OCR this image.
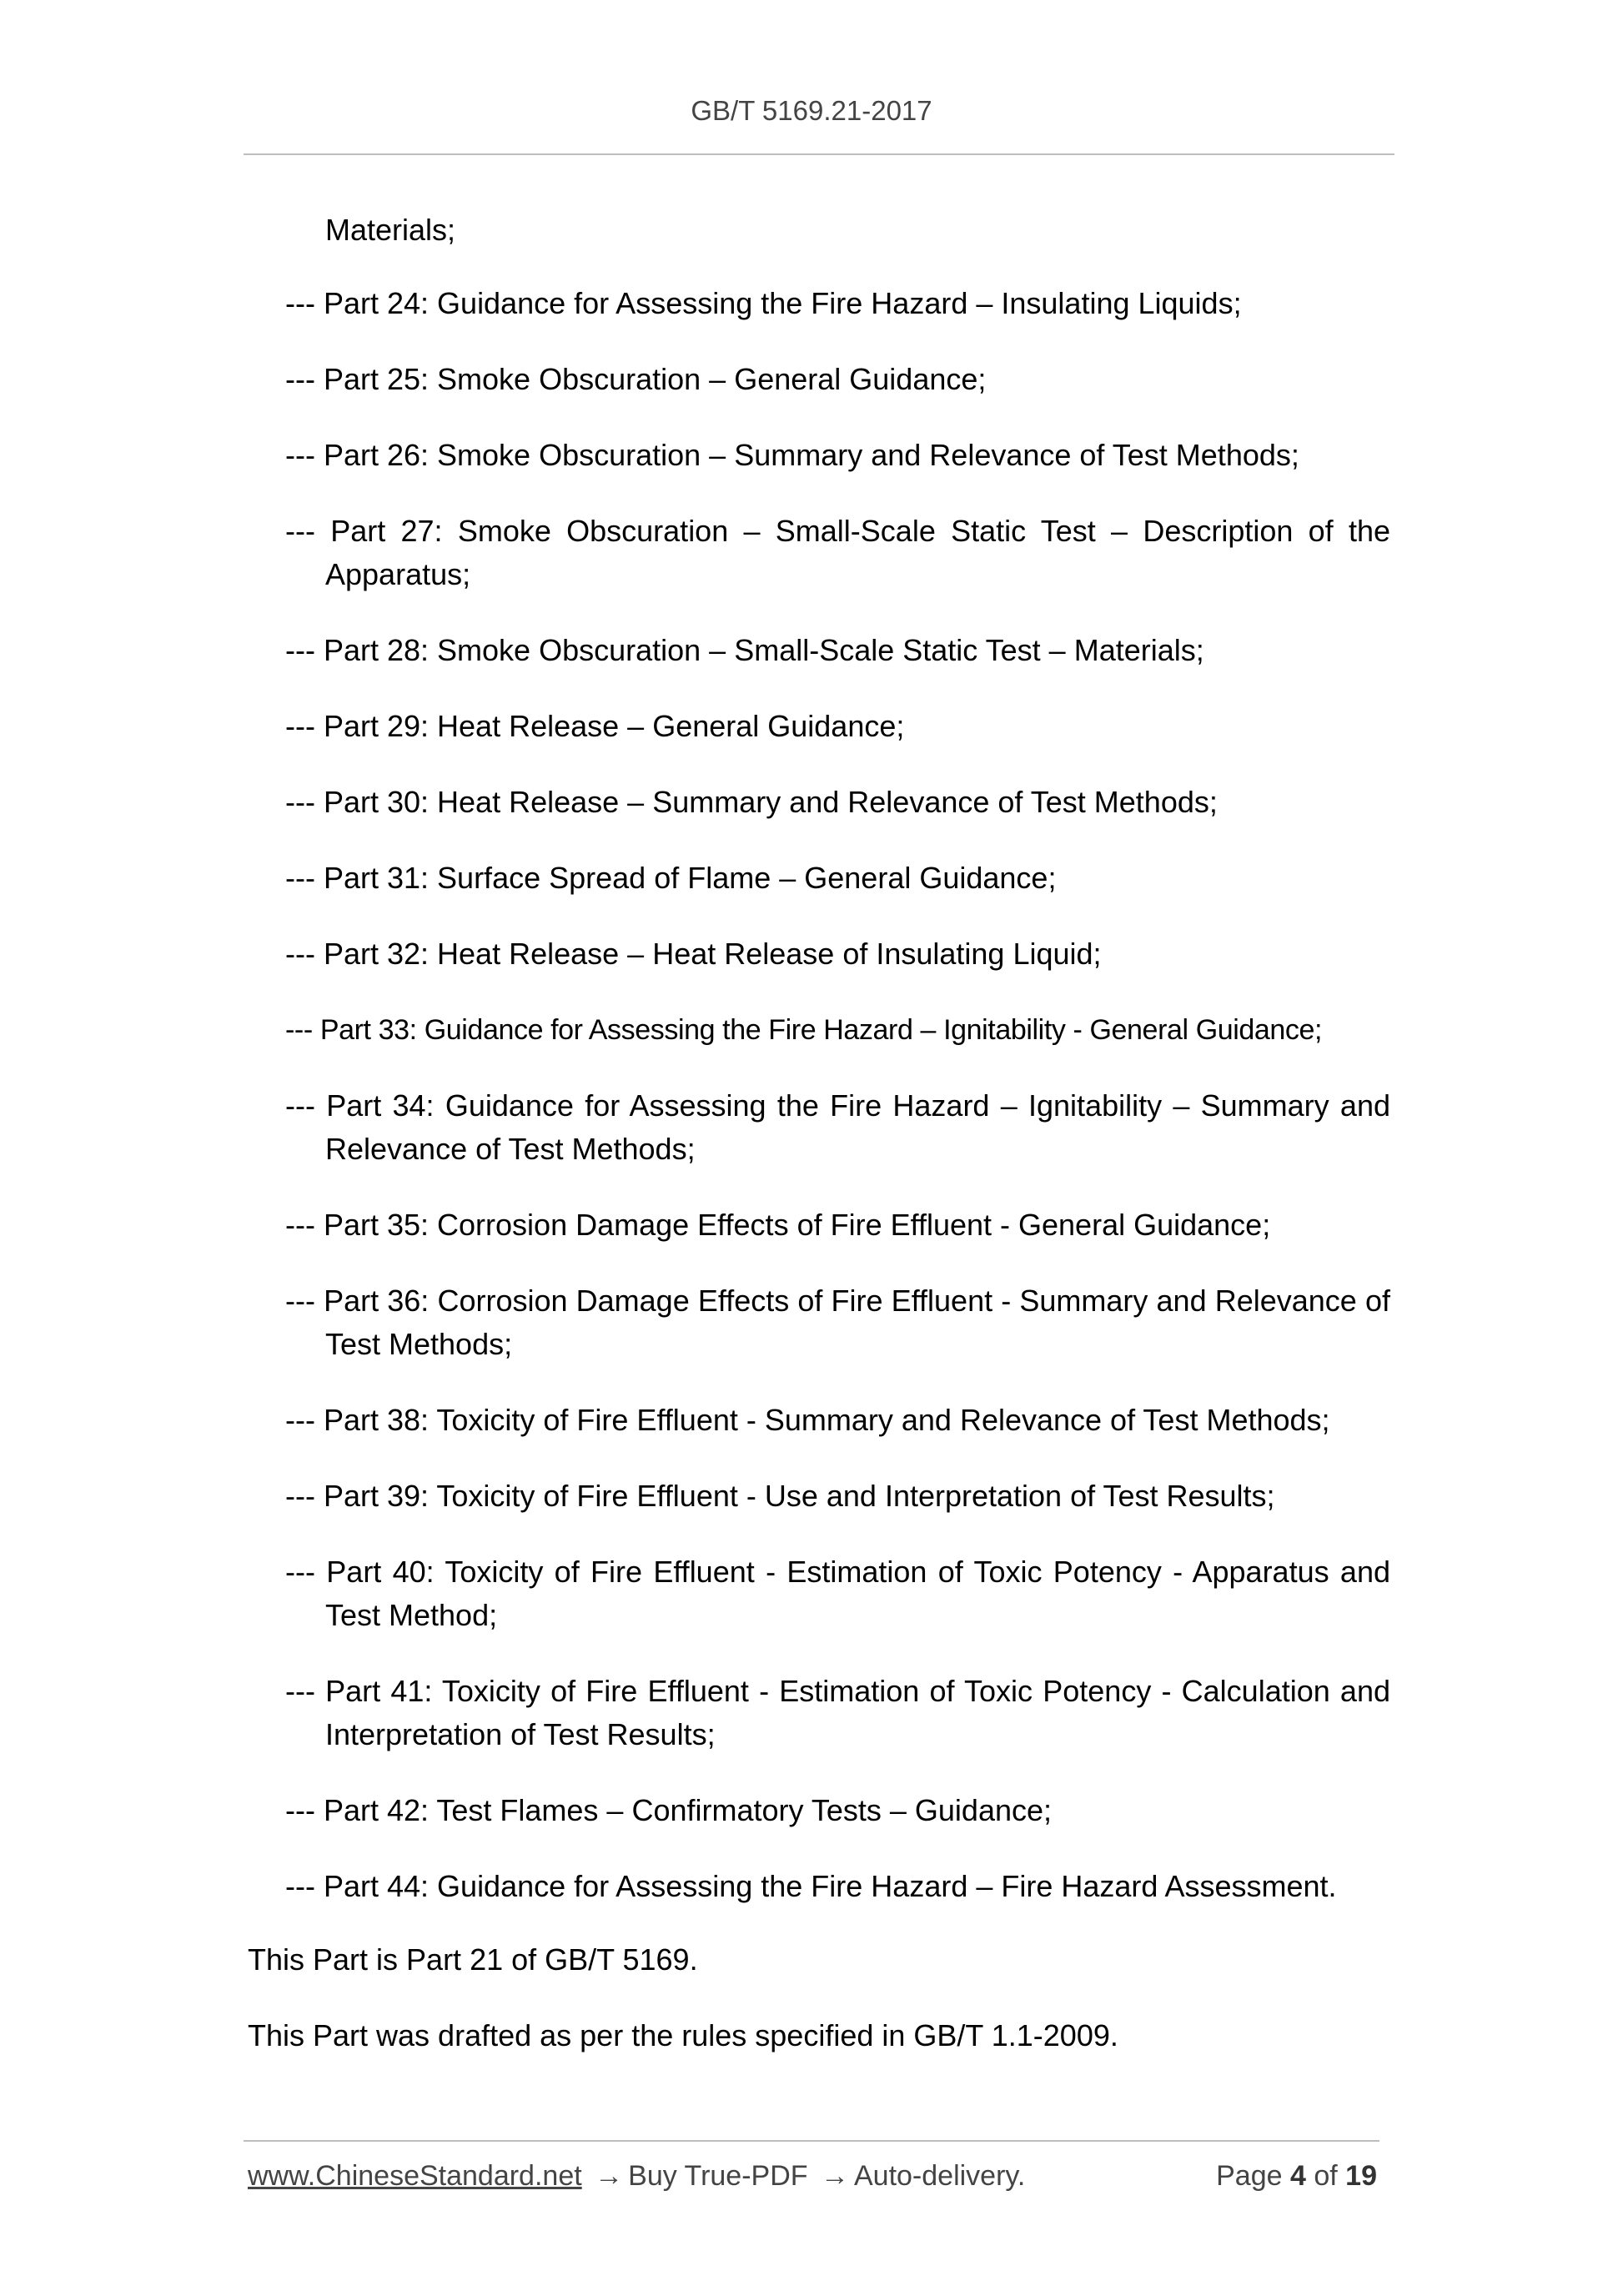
GB/T 5169.21-2017
Materials;
--- Part 24: Guidance for Assessing the Fire Hazard – Insulating Liquids;
--- Part 25: Smoke Obscuration – General Guidance;
--- Part 26: Smoke Obscuration – Summary and Relevance of Test Methods;
--- Part 27: Smoke Obscuration – Small-Scale Static Test – Description of the Apparatus;
--- Part 28: Smoke Obscuration – Small-Scale Static Test – Materials;
--- Part 29: Heat Release – General Guidance;
--- Part 30: Heat Release – Summary and Relevance of Test Methods;
--- Part 31: Surface Spread of Flame – General Guidance;
--- Part 32: Heat Release – Heat Release of Insulating Liquid;
--- Part 33: Guidance for Assessing the Fire Hazard – Ignitability - General Guidance;
--- Part 34: Guidance for Assessing the Fire Hazard – Ignitability – Summary and Relevance of Test Methods;
--- Part 35: Corrosion Damage Effects of Fire Effluent - General Guidance;
--- Part 36: Corrosion Damage Effects of Fire Effluent - Summary and Relevance of Test Methods;
--- Part 38: Toxicity of Fire Effluent - Summary and Relevance of Test Methods;
--- Part 39: Toxicity of Fire Effluent - Use and Interpretation of Test Results;
--- Part 40: Toxicity of Fire Effluent - Estimation of Toxic Potency - Apparatus and Test Method;
--- Part 41: Toxicity of Fire Effluent - Estimation of Toxic Potency - Calculation and Interpretation of Test Results;
--- Part 42: Test Flames – Confirmatory Tests – Guidance;
--- Part 44: Guidance for Assessing the Fire Hazard – Fire Hazard Assessment.

This Part is Part 21 of GB/T 5169.

This Part was drafted as per the rules specified in GB/T 1.1-2009.

www.ChineseStandard.net → Buy True-PDF → Auto-delivery.	Page 4 of 19
